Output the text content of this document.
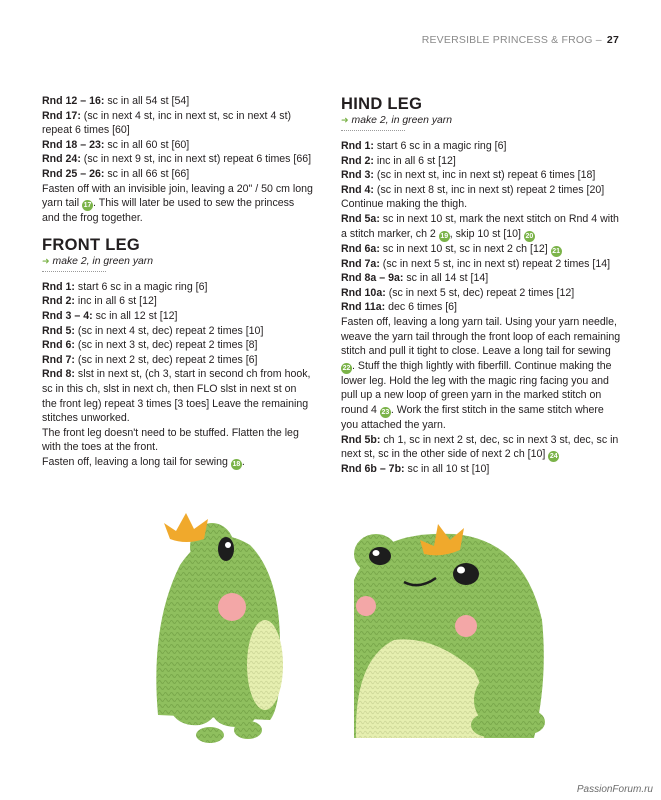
REVERSIBLE PRINCESS & FROG – 27

Rnd 12 – 16: sc in all 54 st [54]

Rnd 17: (sc in next 4 st, inc in next st, sc in next 4 st) repeat 6 times [60]

Rnd 18 – 23: sc in all 60 st [60]

Rnd 24: (sc in next 9 st, inc in next st) repeat 6 times [66]

Rnd 25 – 26: sc in all 66 st [66]

Fasten off with an invisible join, leaving a 20" / 50 cm long yarn tail 17 . This will later be used to sew the princess and the frog together.

FRONT LEG
➜ make 2, in green yarn

Rnd 1: start 6 sc in a magic ring [6]

Rnd 2: inc in all 6 st [12]

Rnd 3 – 4: sc in all 12 st [12]

Rnd 5: (sc in next 4 st, dec) repeat 2 times [10]

Rnd 6: (sc in next 3 st, dec) repeat 2 times [8]

Rnd 7: (sc in next 2 st, dec) repeat 2 times [6]

Rnd 8: slst in next st, (ch 3, start in second ch from hook, sc in this ch, slst in next ch, then FLO slst in next st on the front leg) repeat 3 times [3 toes] Leave the remaining stitches unworked.

The front leg doesn't need to be stuffed. Flatten the leg with the toes at the front.

Fasten off, leaving a long tail for sewing 18 .

HIND LEG
➜ make 2, in green yarn

Rnd 1: start 6 sc in a magic ring [6]

Rnd 2: inc in all 6 st [12]

Rnd 3: (sc in next st, inc in next st) repeat 6 times [18]

Rnd 4: (sc in next 8 st, inc in next st) repeat 2 times [20]

Continue making the thigh.

Rnd 5a: sc in next 10 st, mark the next stitch on Rnd 4 with a stitch marker, ch 2 19 , skip 10 st [10] 20

Rnd 6a: sc in next 10 st, sc in next 2 ch [12] 21

Rnd 7a: (sc in next 5 st, inc in next st) repeat 2 times [14]

Rnd 8a – 9a: sc in all 14 st [14]

Rnd 10a: (sc in next 5 st, dec) repeat 2 times [12]

Rnd 11a: dec 6 times [6]

Fasten off, leaving a long yarn tail. Using your yarn needle, weave the yarn tail through the front loop of each remaining stitch and pull it tight to close. Leave a long tail for sewing 22 . Stuff the thigh lightly with fiberfill. Continue making the lower leg. Hold the leg with the magic ring facing you and pull up a new loop of green yarn in the marked stitch on round 4 23 . Work the first stitch in the same stitch where you attached the yarn.

Rnd 5b: ch 1, sc in next 2 st, dec, sc in next 3 st, dec, sc in next st, sc in the other side of next 2 ch [10] 24

Rnd 6b – 7b: sc in all 10 st [10]

PassionForum.ru
